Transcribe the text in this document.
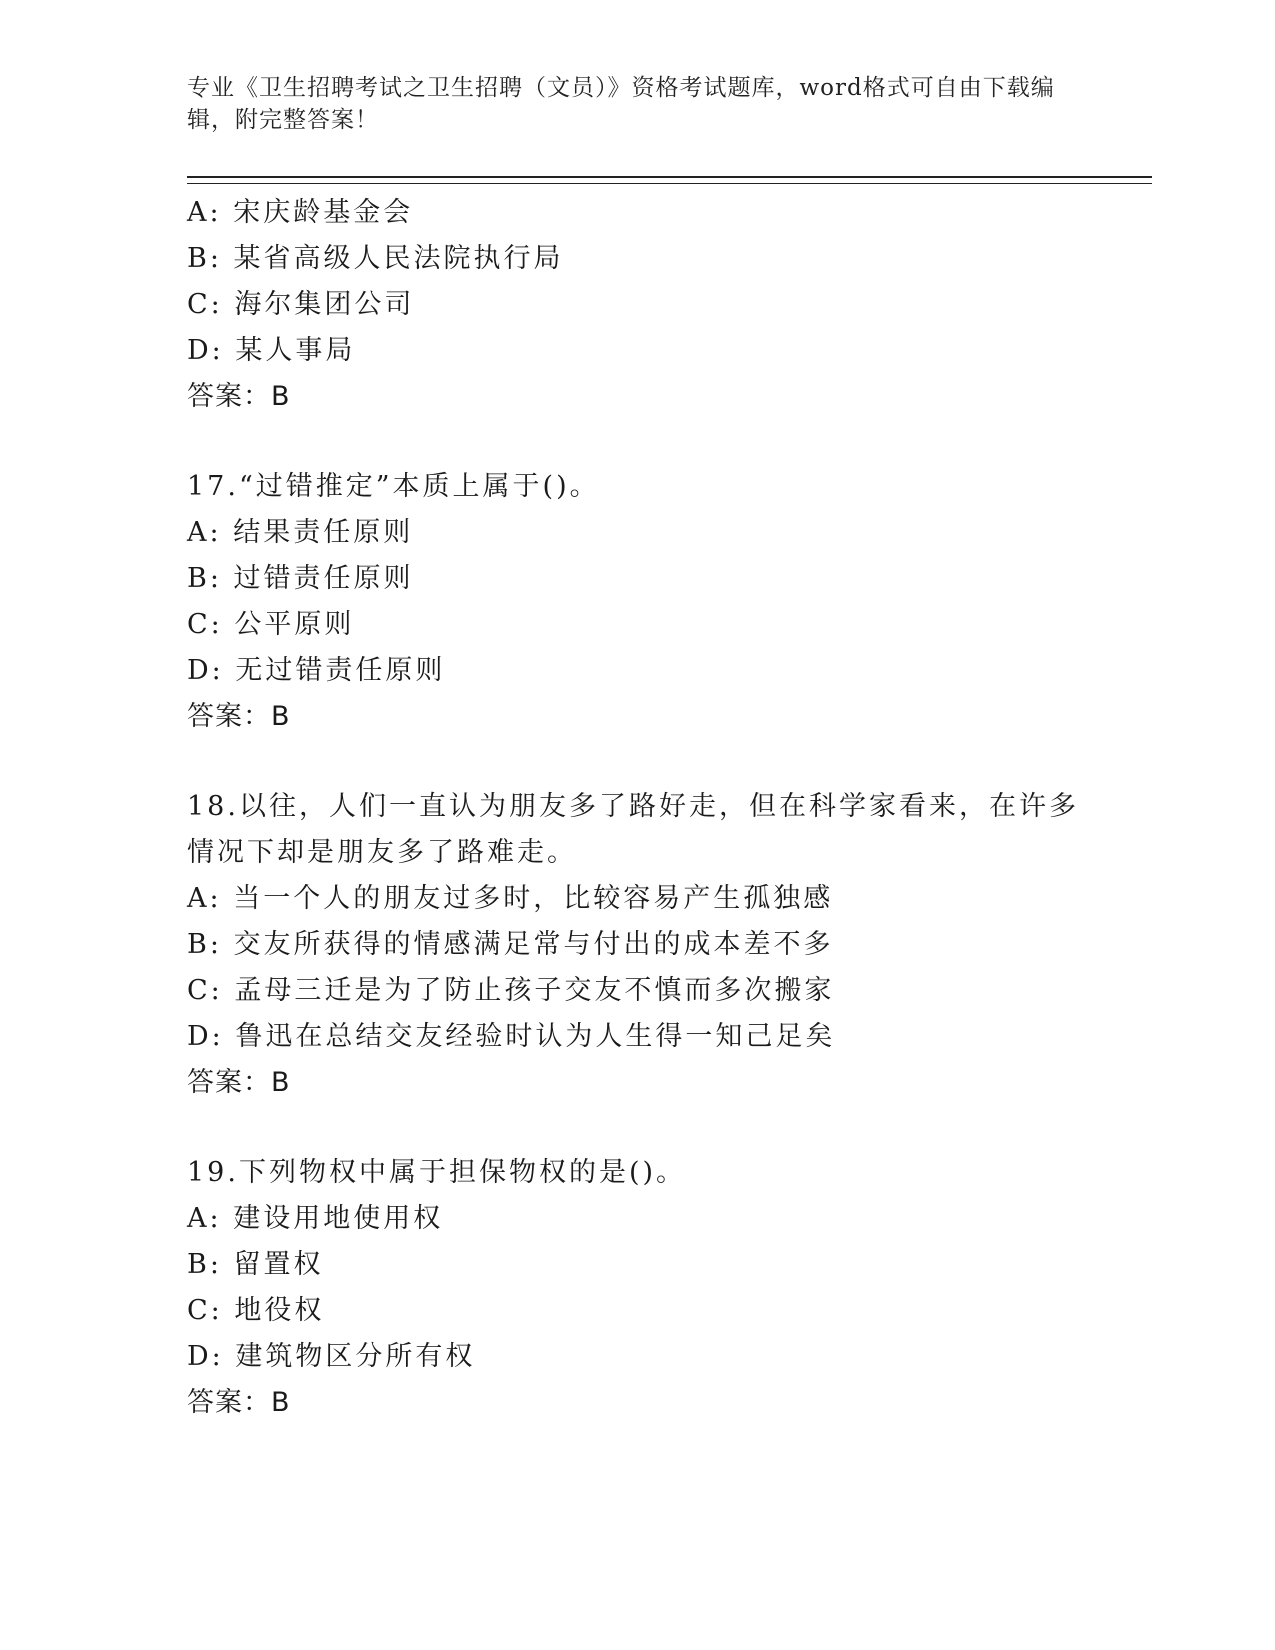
专业《卫生招聘考试之卫生招聘（文员）》资格考试题库，word格式可自由下载编辑，附完整答案！
A: 宋庆龄基金会
B: 某省高级人民法院执行局
C: 海尔集团公司
D: 某人事局
答案：B
17.“过错推定”本质上属于()。
A: 结果责任原则
B: 过错责任原则
C: 公平原则
D: 无过错责任原则
答案：B
18.以往，人们一直认为朋友多了路好走，但在科学家看来，在许多情况下却是朋友多了路难走。
A: 当一个人的朋友过多时，比较容易产生孤独感
B: 交友所获得的情感满足常与付出的成本差不多
C: 孟母三迁是为了防止孩子交友不慎而多次搬家
D: 鲁迅在总结交友经验时认为人生得一知己足矣
答案：B
19.下列物权中属于担保物权的是()。
A: 建设用地使用权
B: 留置权
C: 地役权
D: 建筑物区分所有权
答案：B
